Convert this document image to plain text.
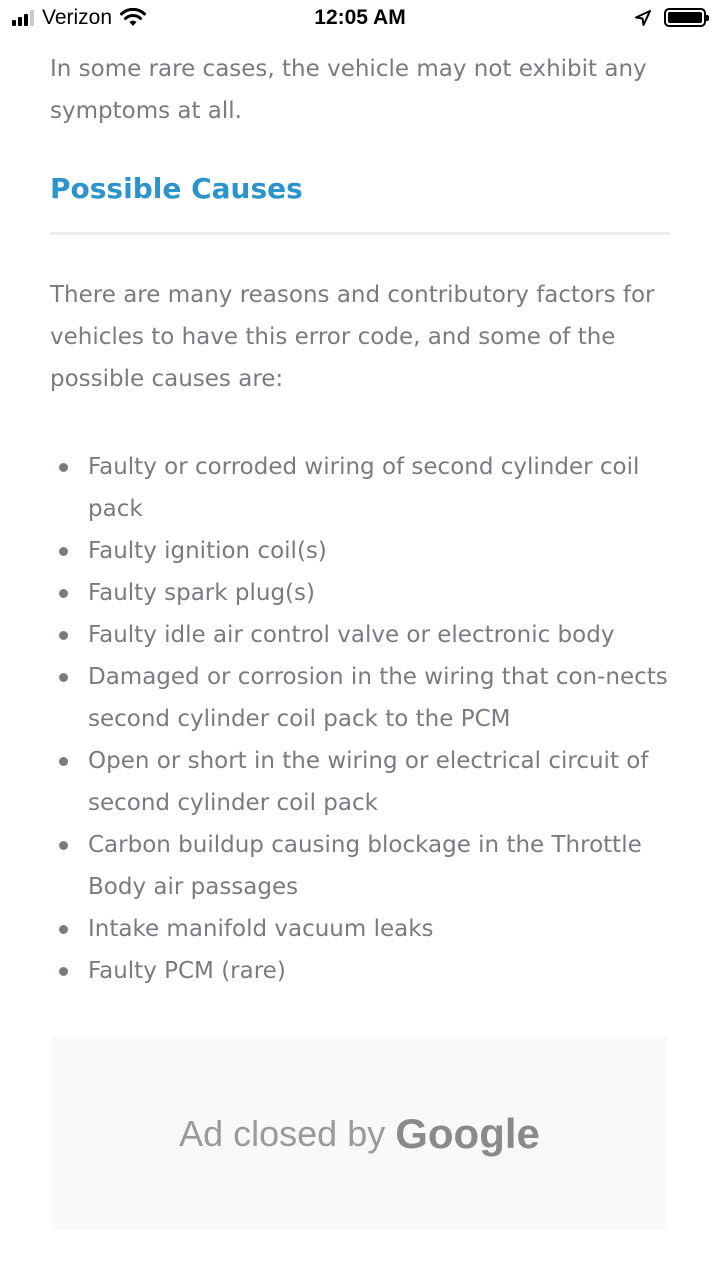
Verizon	12:05 AM

In some rare cases, the vehicle may not exhibit any symptoms at all.

Possible Causes

There are many reasons and contributory factors for vehicles to have this error code, and some of the possible causes are:

Faulty or corroded wiring of second cylinder coil pack
Faulty ignition coil(s)
Faulty spark plug(s)
Faulty idle air control valve or electronic body
Damaged or corrosion in the wiring that con-nects second cylinder coil pack to the PCM
Open or short in the wiring or electrical circuit of second cylinder coil pack
Carbon buildup causing blockage in the Throttle Body air passages
Intake manifold vacuum leaks
Faulty PCM (rare)
Ad closed by Google
